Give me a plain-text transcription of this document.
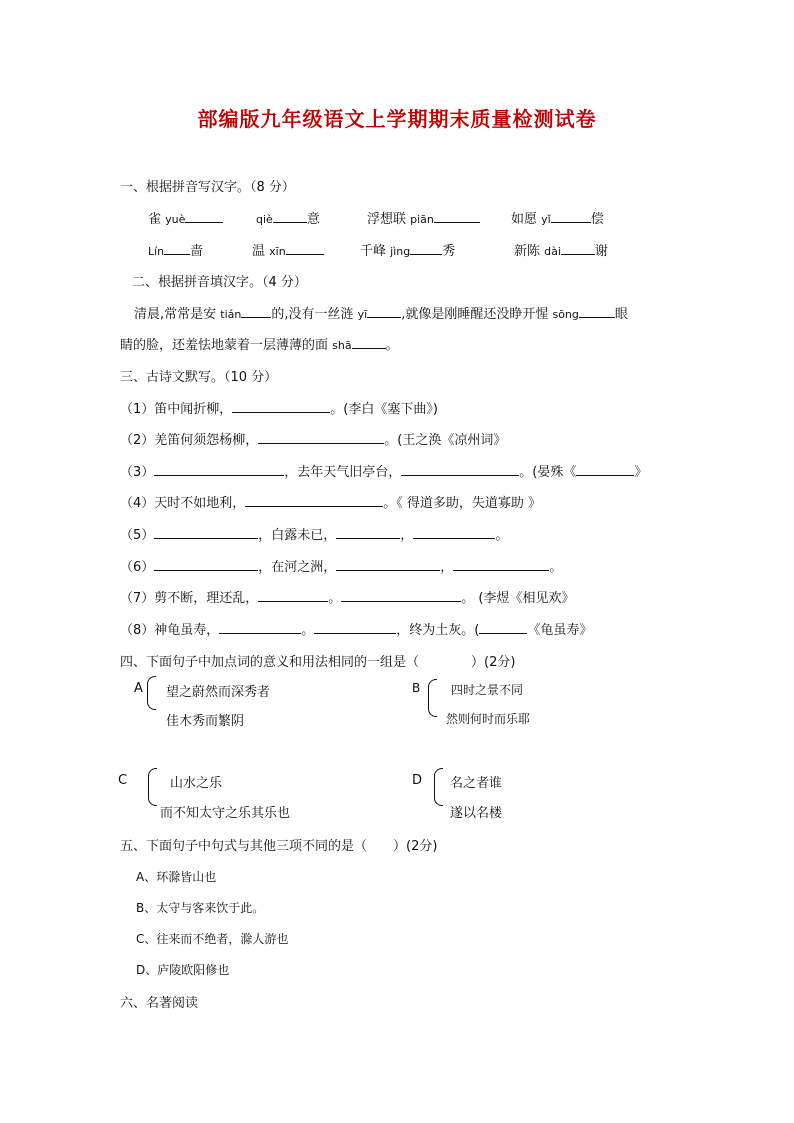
部编版九年级语文上学期期末质量检测试卷
一、根据拼音写汉字。（8 分）
雀 yuè	qiè	意	浮想联 piān	如愿 yǐ	偿
Lín 啬	温 xīn	千峰 jìng 秀	新陈 dài	谢
二、根据拼音填汉字。（4 分）
清晨,常常是安 tián 的,没有一丝涟 yī	,就像是刚睡醒还没睁开惺 sōng	眼
睛的脸，还羞怯地蒙着一层薄薄的面 shā	。
三、古诗文默写。（10 分）
（1）笛中闻折柳，	。(李白《塞下曲》)
（2）羌笛何须怨杨柳，	。(王之涣《凉州词》
（3）	，去年天气旧亭台，	。(晏殊《	》
（4）天时不如地利，	。《 得道多助，失道寡助 》
（5）	，白露未已，	，	。
（6）	，在河之洲，	，	。
（7）剪不断，理还乱，	。	。 (李煜《相见欢》
（8）神龟虽寿，	。	，终为土灰。(	《龟虽寿》
四、下面句子中加点词的意义和用法相同的一组是（　　　　）(2分)
A 望之蔚然而深秀者
佳木秀而繁阴
B	四时之景不同
然则何时而乐耶
C	山水之乐
而不知太守之乐其乐也
D 名之者谁
遂以名楼
五、下面句子中句式与其他三项不同的是（　　）(2分)
A、环滁皆山也
B、太守与客来饮于此。
C、往来而不绝者，滁人游也
D、庐陵欧阳修也
六、名著阅读
